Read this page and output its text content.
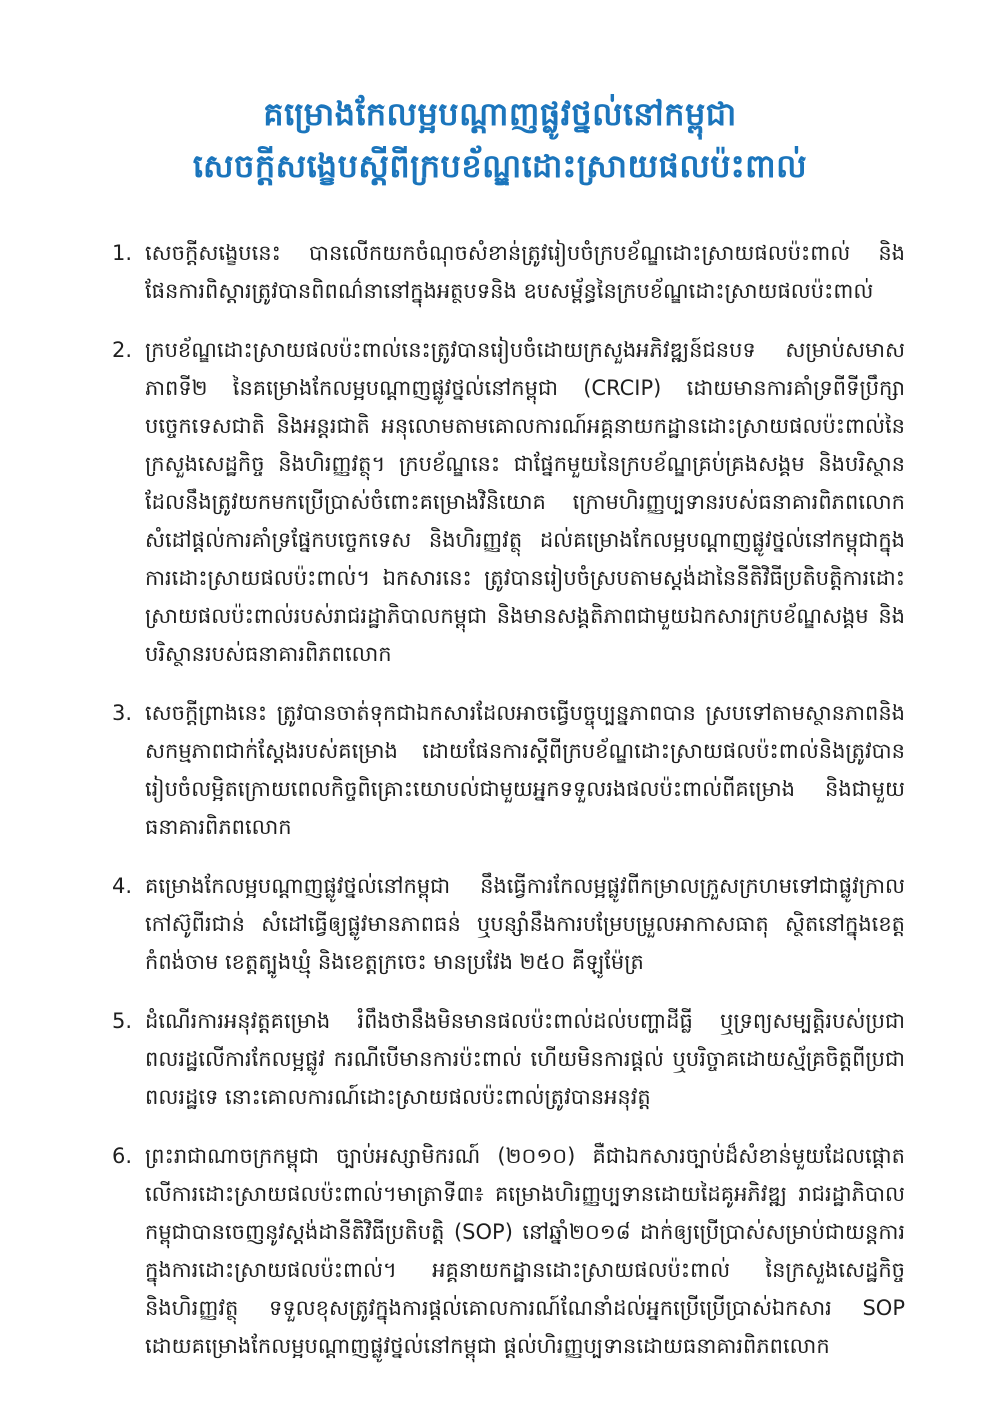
គម្រោងកែលម្អបណ្តាញផ្លូវថ្នល់នៅកម្ពុជា
សេចក្តីសង្ខេបស្តីពីក្របខ័ណ្ឌដោះស្រាយផលប៉ះពាល់
1. សេចក្តីសង្ខេបនេះ បានលើកយកចំណុចសំខាន់ត្រូវរៀបចំក្របខ័ណ្ឌដោះស្រាយផលប៉ះពាល់ និងផែនការពិស្តារត្រូវបានពិពណ៌នានៅក្នុងអត្ថបទនិង ឧបសម្ព័ន្ធនៃក្របខ័ណ្ឌដោះស្រាយផលប៉ះពាល់
2. ក្របខ័ណ្ឌដោះស្រាយផលប៉ះពាល់នេះត្រូវបានរៀបចំដោយក្រសួងអភិវឌ្ឍន៍ជនបទ សម្រាប់សមាសភាពទី២ នៃគម្រោងកែលម្អបណ្តាញផ្លូវថ្នល់នៅកម្ពុជា (CRCIP) ដោយមានការគាំទ្រពីទីប្រឹក្សាបច្ចេកទេសជាតិ និងអន្តរជាតិ អនុលោមតាមគោលការណ៍អគ្គនាយកដ្ឋានដោះស្រាយផលប៉ះពាល់នៃក្រសួងសេដ្ឋកិច្ច និងហិរញ្ញវត្ថុ។ ក្របខ័ណ្ឌនេះ ជាផ្នែកមួយនៃក្របខ័ណ្ឌគ្រប់គ្រងសង្គម និងបរិស្ថាន ដែលនឹងត្រូវយកមកប្រើប្រាស់ចំពោះគម្រោងវិនិយោគ ក្រោមហិរញ្ញប្បទានរបស់ធនាគារពិភពលោក សំដៅផ្តល់ការគាំទ្រផ្នែកបច្ចេកទេស និងហិរញ្ញវត្ថុ ដល់គម្រោងកែលម្អបណ្តាញផ្លូវថ្នល់នៅកម្ពុជាក្នុងការដោះស្រាយផលប៉ះពាល់។ ឯកសារនេះ ត្រូវបានរៀបចំស្របតាមស្តង់ដានៃនីតិវិធីប្រតិបត្តិការដោះស្រាយផលប៉ះពាល់របស់រាជរដ្ឋាភិបាលកម្ពុជា និងមានសង្គតិភាពជាមួយឯកសារក្របខ័ណ្ឌសង្គម និងបរិស្ថានរបស់ធនាគារពិភពលោក
3. សេចក្តីព្រាងនេះ ត្រូវបានចាត់ទុកជាឯកសារដែលអាចធ្វើបច្ចុប្បន្នភាពបាន ស្របទៅតាមស្ថានភាពនិងសកម្មភាពជាក់ស្តែងរបស់គម្រោង ដោយផែនការស្តីពីក្របខ័ណ្ឌដោះស្រាយផលប៉ះពាល់និងត្រូវបានរៀបចំលម្អិតក្រោយពេលកិច្ចពិគ្រោះយោបល់ជាមួយអ្នកទទួលរងផលប៉ះពាល់ពីគម្រោង និងជាមួយធនាគារពិភពលោក
4. គម្រោងកែលម្អបណ្តាញផ្លូវថ្នល់នៅកម្ពុជា នឹងធ្វើការកែលម្អផ្លូវពីកម្រាលក្រួសក្រហមទៅជាផ្លូវក្រាលកៅស៊ូពីរជាន់ សំដៅធ្វើឲ្យផ្លូវមានភាពធន់ ឬបន្សាំនឹងការបម្រែបម្រួលអាកាសធាតុ ស្ថិតនៅក្នុងខេត្តកំពង់ចាម ខេត្តត្បូងឃ្មុំ និងខេត្តក្រចេះ មានប្រវែង ២៥០ គីឡូម៉ែត្រ
5. ដំណើរការអនុវត្តគម្រោង រំពឹងថានឹងមិនមានផលប៉ះពាល់ដល់បញ្ហាដីធ្លី ឬទ្រព្យសម្បត្តិរបស់ប្រជាពលរដ្ឋលើការកែលម្អផ្លូវ ករណីបើមានការប៉ះពាល់ ហើយមិនការផ្តល់ ឬបរិច្ចាគដោយស្ម័គ្រចិត្តពីប្រជាពលរដ្ឋទេ នោះគោលការណ៍ដោះស្រាយផលប៉ះពាល់ត្រូវបានអនុវត្ត
6. ព្រះរាជាណាចក្រកម្ពុជា ច្បាប់អស្សាមិករណ៍ (២០១០) គឺជាឯកសារច្បាប់ដ៏សំខាន់មួយដែលផ្តោតលើការដោះស្រាយផលប៉ះពាល់។មាត្រាទី៣៖ គម្រោងហិរញ្ញប្បទានដោយដៃគូអភិវឌ្ឍ រាជរដ្ឋាភិបាលកម្ពុជាបានចេញនូវស្តង់ដានីតិវិធីប្រតិបត្តិ (SOP) នៅឆ្នាំ២០១៨ ដាក់ឲ្យប្រើប្រាស់សម្រាប់ជាយន្តការក្នុងការដោះស្រាយផលប៉ះពាល់។ អគ្គនាយកដ្ឋានដោះស្រាយផលប៉ះពាល់ នៃក្រសួងសេដ្ឋកិច្ច និងហិរញ្ញវត្ថុ ទទួលខុសត្រូវក្នុងការផ្តល់គោលការណ៍ណែនាំដល់អ្នកប្រើប្រើប្រាស់ឯកសារ SOP ដោយគម្រោងកែលម្អបណ្តាញផ្លូវថ្នល់នៅកម្ពុជា ផ្តល់ហិរញ្ញប្បទានដោយធនាគារពិភពលោក
